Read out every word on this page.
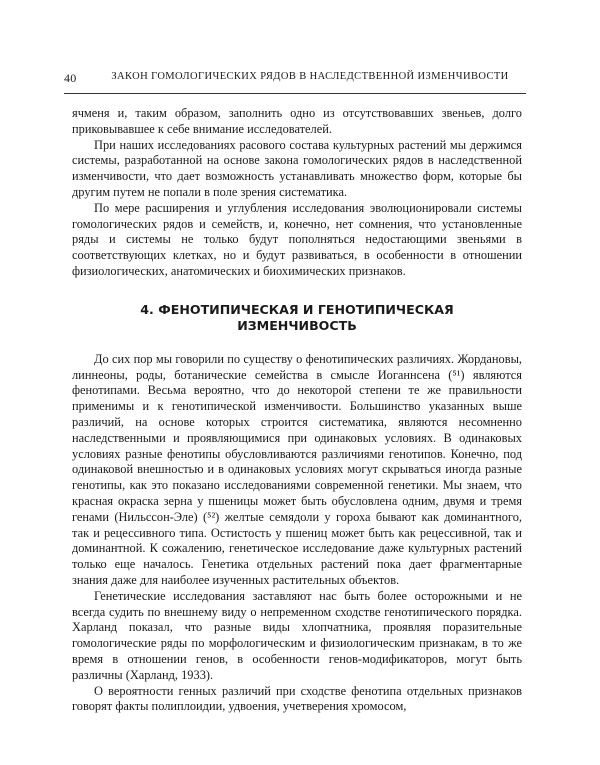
40	ЗАКОН ГОМОЛОГИЧЕСКИХ РЯДОВ В НАСЛЕДСТВЕННОЙ ИЗМЕНЧИВОСТИ

ячменя и, таким образом, заполнить одно из отсутствовавших звеньев, долго приковывавшее к себе внимание исследователей.

При наших исследованиях расового состава культурных растений мы держимся системы, разработанной на основе закона гомологических рядов в наследственной изменчивости, что дает возможность устанавливать множество форм, которые бы другим путем не попали в поле зрения систематика.

По мере расширения и углубления исследования эволюционировали системы гомологических рядов и семейств, и, конечно, нет сомнения, что установленные ряды и системы не только будут пополняться недостающими звеньями в соответствующих клетках, но и будут развиваться, в особенности в отношении физиологических, анатомических и биохимических признаков.

4. ФЕНОТИПИЧЕСКАЯ И ГЕНОТИПИЧЕСКАЯ
ИЗМЕНЧИВОСТЬ

До сих пор мы говорили по существу о фенотипических различиях. Жордановы, линнеоны, роды, ботанические семейства в смысле Иоганнсена (⁵¹) являются фенотипами. Весьма вероятно, что до некоторой степени те же правильности применимы и к генотипической изменчивости. Большинство указанных выше различий, на основе которых строится систематика, являются несомненно наследственными и проявляющимися при одинаковых условиях. В одинаковых условиях разные фенотипы обусловливаются различиями генотипов. Конечно, под одинаковой внешностью и в одинаковых условиях могут скрываться иногда разные генотипы, как это показано исследованиями современной генетики. Мы знаем, что красная окраска зерна у пшеницы может быть обусловлена одним, двумя и тремя генами (Нильссон-Эле) (⁵²) желтые семядоли у гороха бывают как доминантного, так и рецессивного типа. Остистость у пшениц может быть как рецессивной, так и доминантной. К сожалению, генетическое исследование даже культурных растений только еще началось. Генетика отдельных растений пока дает фрагментарные знания даже для наиболее изученных растительных объектов.

Генетические исследования заставляют нас быть более осторожными и не всегда судить по внешнему виду о непременном сходстве генотипического порядка. Харланд показал, что разные виды хлопчатника, проявляя поразительные гомологические ряды по морфологическим и физиологическим признакам, в то же время в отношении генов, в особенности генов-модификаторов, могут быть различны (Харланд, 1933).

О вероятности генных различий при сходстве фенотипа отдельных признаков говорят факты полиплоидии, удвоения, учетверения хромосом,
